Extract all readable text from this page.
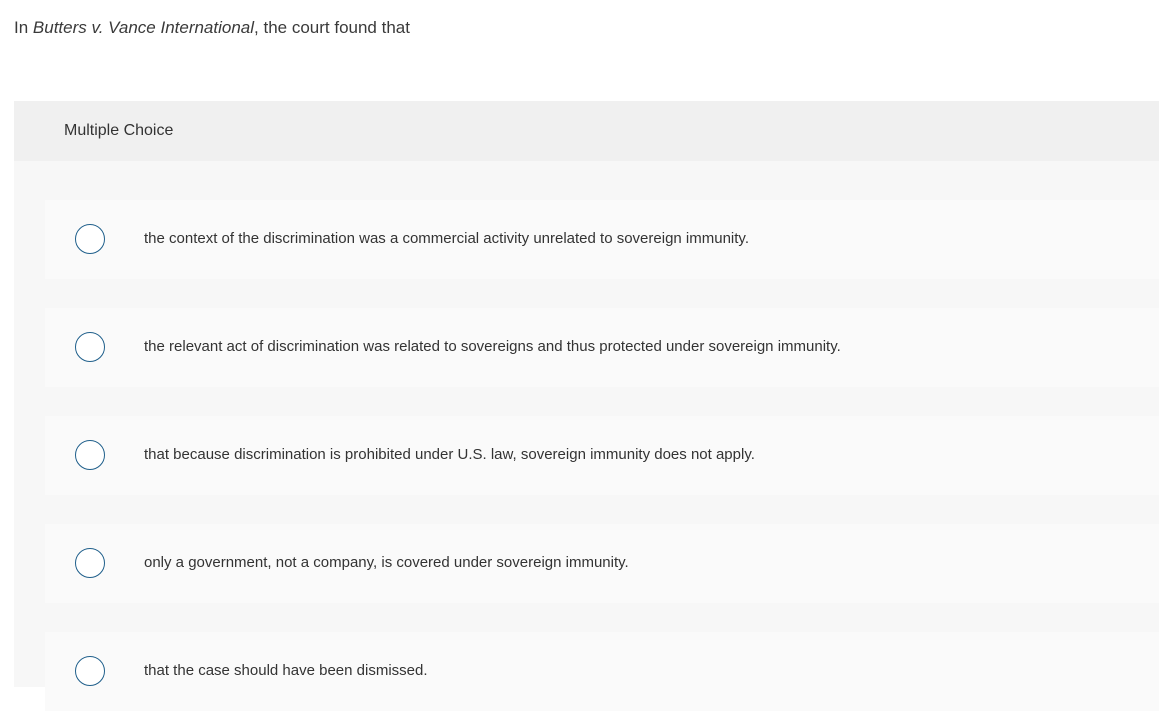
In Butters v. Vance International, the court found that
Multiple Choice
the context of the discrimination was a commercial activity unrelated to sovereign immunity.
the relevant act of discrimination was related to sovereigns and thus protected under sovereign immunity.
that because discrimination is prohibited under U.S. law, sovereign immunity does not apply.
only a government, not a company, is covered under sovereign immunity.
that the case should have been dismissed.
